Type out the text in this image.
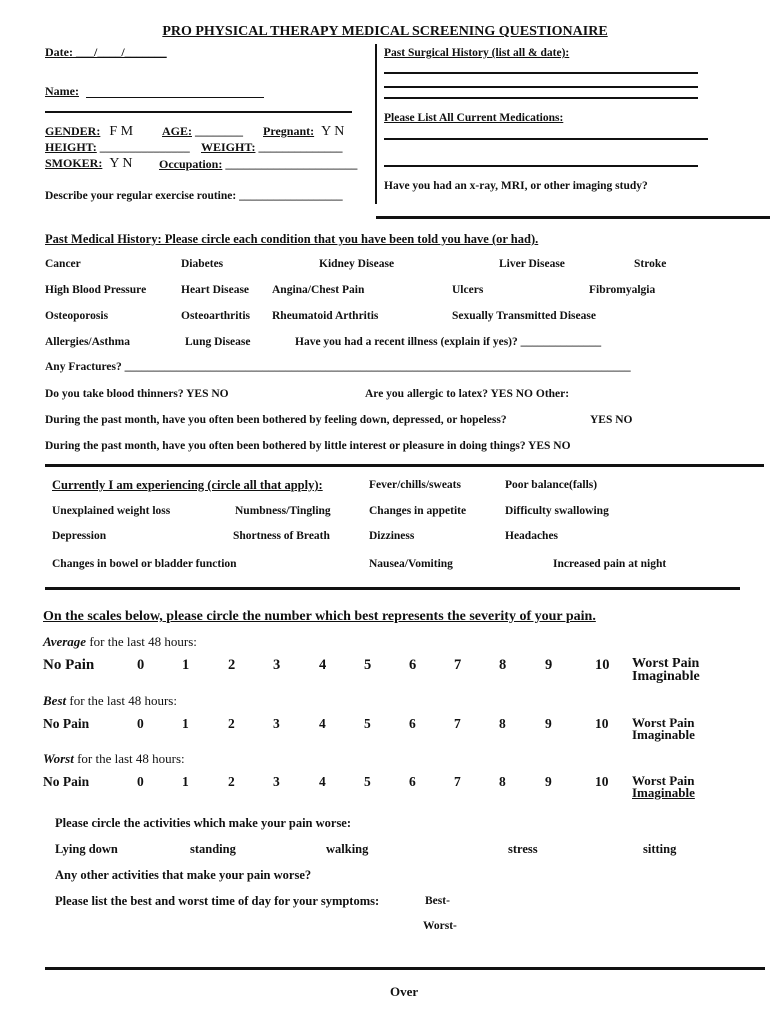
PRO PHYSICAL THERAPY MEDICAL SCREENING QUESTIONAIRE
Date: ___/____/_______
Name:
GENDER: F M AGE: ________ Pregnant: Y N
HEIGHT: _______________ WEIGHT: ______________
SMOKER: Y N Occupation: ______________________
Describe your regular exercise routine: __________________
Past Surgical History (list all & date):
Please List All Current Medications:
Have you had an x-ray, MRI, or other imaging study?
Past Medical History: Please circle each condition that you have been told you have (or had).
Cancer	Diabetes	Kidney Disease	Liver Disease	Stroke
High Blood Pressure	Heart Disease Angina/Chest Pain	Ulcers	Fibromyalgia
Osteoporosis	Osteoarthritis Rheumatoid Arthritis	Sexually Transmitted Disease
Allergies/Asthma	Lung Disease	Have you had a recent illness (explain if yes)? ______________
Any Fractures? ________________________________________________________________________________________
Do you take blood thinners? YES NO	Are you allergic to latex? YES NO Other:
During the past month, have you often been bothered by feeling down, depressed, or hopeless?	YES NO
During the past month, have you often been bothered by little interest or pleasure in doing things? YES NO
Currently I am experiencing (circle all that apply):	Fever/chills/sweats	Poor balance(falls)
Unexplained weight loss	Numbness/Tingling	Changes in appetite	Difficulty swallowing
Depression	Shortness of Breath	Dizziness	Headaches
Changes in bowel or bladder function	Nausea/Vomiting	Increased pain at night
On the scales below, please circle the number which best represents the severity of your pain.
Average for the last 48 hours:
No Pain	0	1	2	3	4	5	6	7	8	9	10 Worst Pain
Imaginable
Best for the last 48 hours:
No Pain	0	1	2	3	4	5	6	7	8	9	10 Worst Pain
Imaginable
Worst for the last 48 hours:
No Pain	0	1	2	3	4	5	6	7	8	9	10 Worst Pain
Imaginable
Please circle the activities which make your pain worse:
Lying down	standing	walking	stress	sitting
Any other activities that make your pain worse?
Please list the best and worst time of day for your symptoms:	Best-
Worst-
Over
